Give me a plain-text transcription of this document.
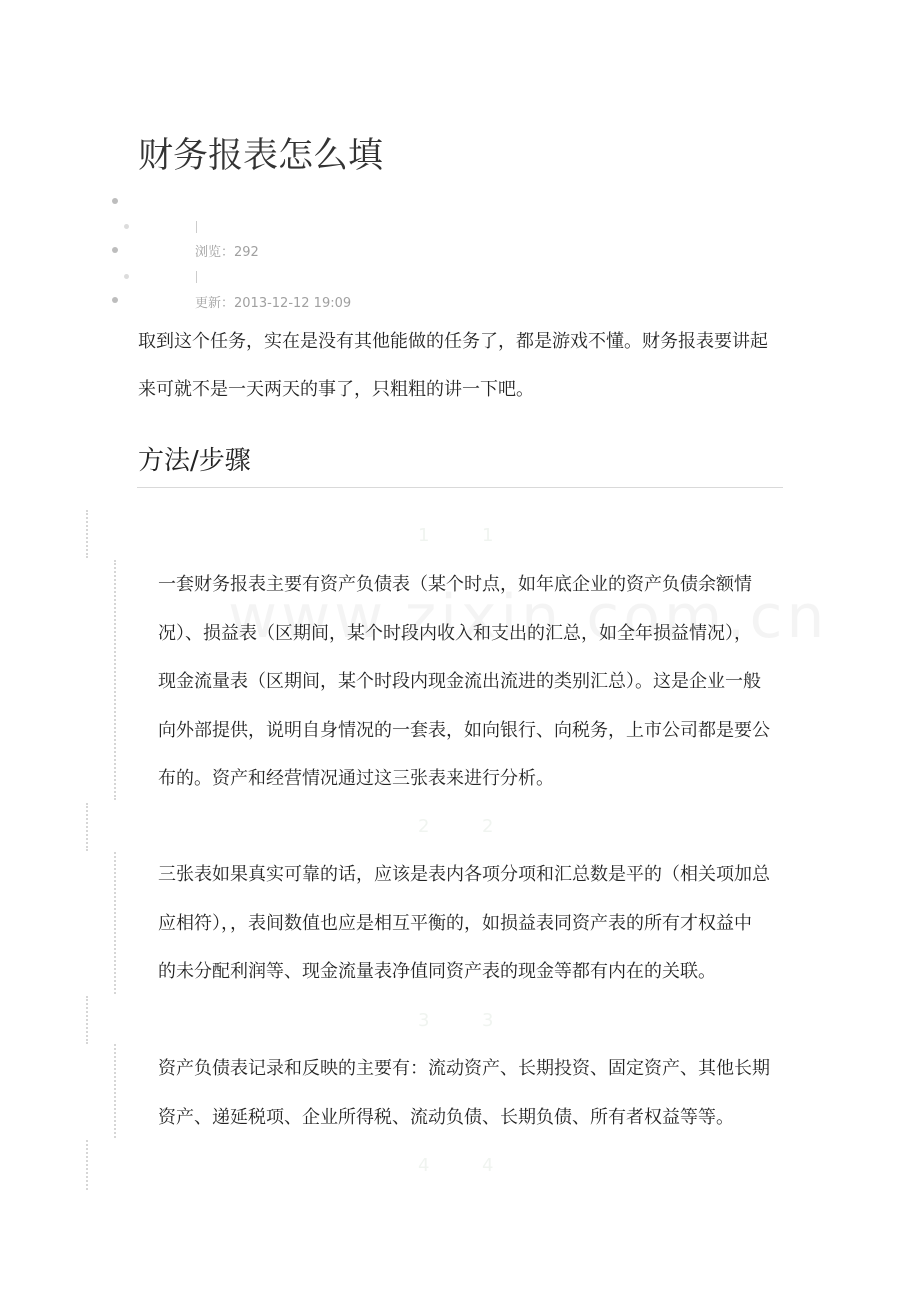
财务报表怎么填
浏览：292
更新：2013-12-12 19:09
取到这个任务，实在是没有其他能做的任务了，都是游戏不懂。财务报表要讲起
来可就不是一天两天的事了，只粗粗的讲一下吧。
方法/步骤
1	1
一套财务报表主要有资产负债表（某个时点，如年底企业的资产负债余额情
况）、损益表（区期间，某个时段内收入和支出的汇总，如全年损益情况），
现金流量表（区期间，某个时段内现金流出流进的类别汇总）。这是企业一般
向外部提供，说明自身情况的一套表，如向银行、向税务，上市公司都是要公
布的。资产和经营情况通过这三张表来进行分析。
2	2
三张表如果真实可靠的话，应该是表内各项分项和汇总数是平的（相关项加总
应相符），，表间数值也应是相互平衡的，如损益表同资产表的所有才权益中
的未分配利润等、现金流量表净值同资产表的现金等都有内在的关联。
3	3
资产负债表记录和反映的主要有：流动资产、长期投资、固定资产、其他长期
资产、递延税项、企业所得税、流动负债、长期负债、所有者权益等等。
4	4
